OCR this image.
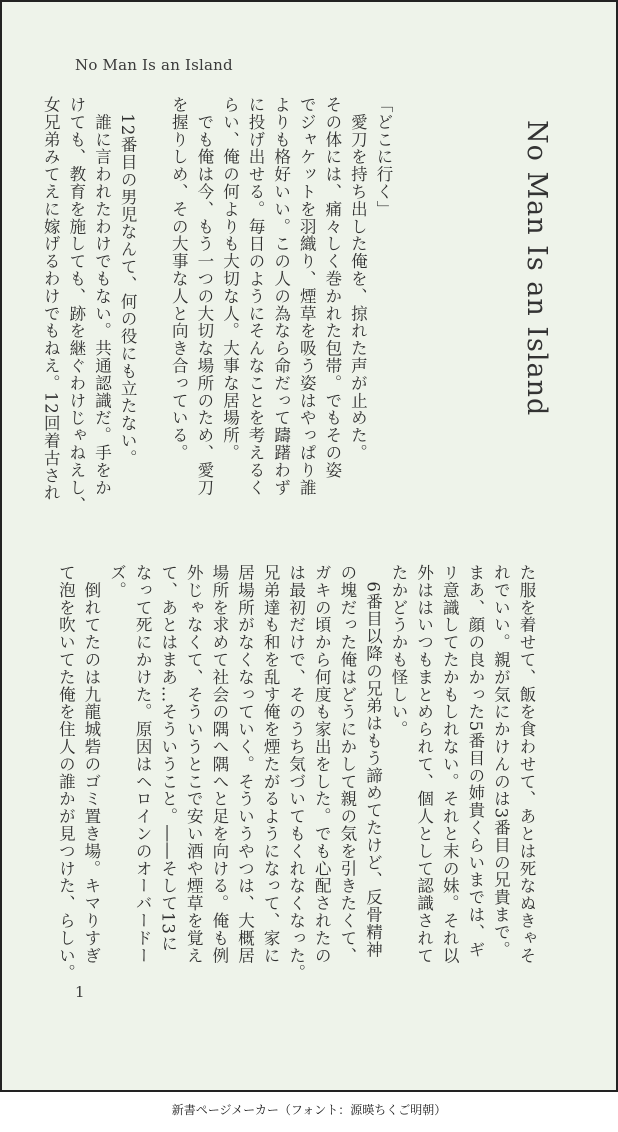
No Man Is an Island
No Man Is an Island
「どこに行く」
　愛刀を持ち出した俺を、掠れた声が止めた。
その体には、痛々しく巻かれた包帯。でもその姿
でジャケットを羽織り、煙草を吸う姿はやっぱり誰
よりも格好いい。この人の為なら命だって躊躇わず
に投げ出せる。毎日のようにそんなことを考えるく
らい、俺の何よりも大切な人。大事な居場所。
　でも俺は今、もう一つの大切な場所のため、愛刀
を握りしめ、その大事な人と向き合っている。

　12番目の男児なんて、何の役にも立たない。
　誰に言われたわけでもない。共通認識だ。手をか
けても、教育を施しても、跡を継ぐわけじゃねえし、
女兄弟みてえに嫁げるわけでもねえ。12回着古され
た服を着せて、飯を食わせて、あとは死なぬきゃそ
れでいい。親が気にかけんのは3番目の兄貴まで。
まあ、顔の良かった5番目の姉貴くらいまでは、ギ
リ意識してたかもしれない。それと末の妹。それ以
外ははいつもまとめられて、個人として認識されて
たかどうかも怪しい。
　6番目以降の兄弟はもう諦めてたけど、反骨精神
の塊だった俺はどうにかして親の気を引きたくて、
ガキの頃から何度も家出をした。でも心配されたの
は最初だけで、そのうち気づいてもくれなくなった。
兄弟達も和を乱す俺を煙たがるようになって、家に
居場所がなくなっていく。そういうやつは、大概居
場所を求めて社会の隅へ隅へと足を向ける。俺も例
外じゃなくて、そういうとこで安い酒や煙草を覚え
て、あとはまあ…そういうこと。――そして13に
なって死にかけた。原因はヘロインのオーバードー
ズ。
　倒れてたのは九龍城砦のゴミ置き場。キマりすぎ
て泡を吹いてた俺を住人の誰かが見つけた、らしい。
1
新書ページメーカー（フォント：源暎ちくご明朝）
